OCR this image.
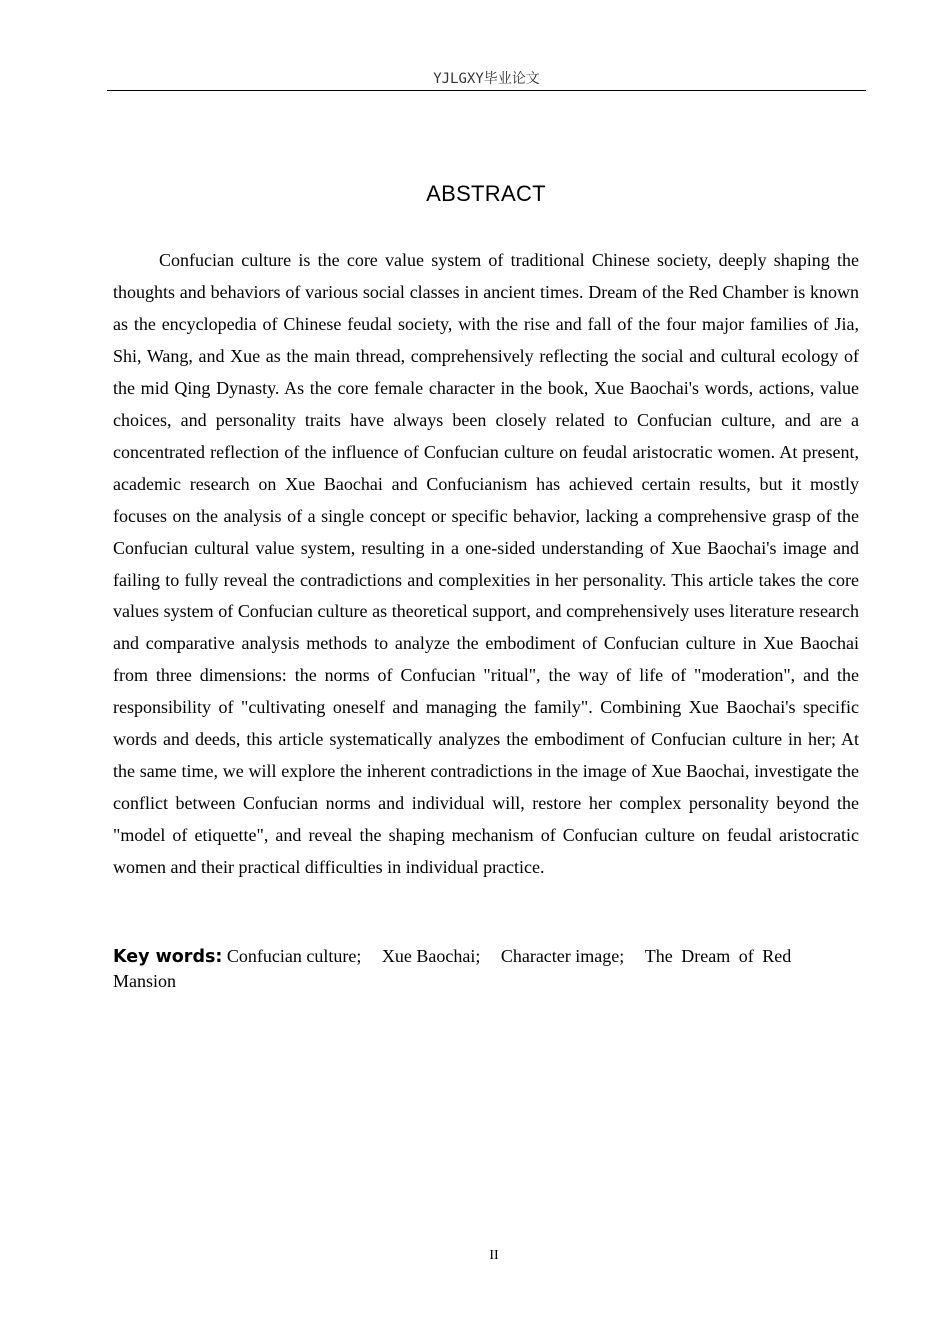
YJLGXY毕业论文
ABSTRACT

Confucian culture is the core value system of traditional Chinese society, deeply shaping the thoughts and behaviors of various social classes in ancient times. Dream of the Red Chamber is known as the encyclopedia of Chinese feudal society, with the rise and fall of the four major families of Jia, Shi, Wang, and Xue as the main thread, comprehensively reflecting the social and cultural ecology of the mid Qing Dynasty. As the core female character in the book, Xue Baochai's words, actions, value choices, and personality traits have always been closely related to Confucian culture, and are a concentrated reflection of the influence of Confucian culture on feudal aristocratic women. At present, academic research on Xue Baochai and Confucianism has achieved certain results, but it mostly focuses on the analysis of a single concept or specific behavior, lacking a comprehensive grasp of the Confucian cultural value system, resulting in a one-sided understanding of Xue Baochai's image and failing to fully reveal the contradictions and complexities in her personality. This article takes the core values system of Confucian culture as theoretical support, and comprehensively uses literature research and comparative analysis methods to analyze the embodiment of Confucian culture in Xue Baochai from three dimensions: the norms of Confucian "ritual", the way of life of "moderation", and the responsibility of "cultivating oneself and managing the family". Combining Xue Baochai's specific words and deeds, this article systematically analyzes the embodiment of Confucian culture in her; At the same time, we will explore the inherent contradictions in the image of Xue Baochai, investigate the conflict between Confucian norms and individual will, restore her complex personality beyond the "model of etiquette", and reveal the shaping mechanism of Confucian culture on feudal aristocratic women and their practical difficulties in individual practice.

Key words: Confucian culture; Xue Baochai; Character image; The Dream of Red Mansion
II
